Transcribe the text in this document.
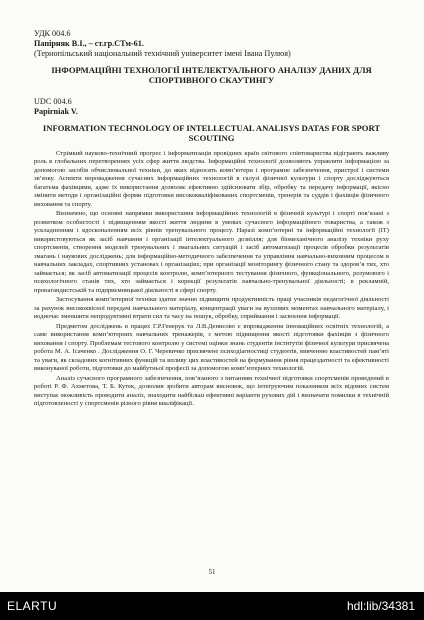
УДК 004.6
Папірняк В.І., – ст.гр.СТм-61.
(Тернопільський національний технічний університет імені Івана Пулюя)
ІНФОРМАЦІЙНІ ТЕХНОЛОГІЇ ІНТЕЛЕКТУАЛЬНОГО АНАЛІЗУ ДАНИХ ДЛЯ СПОРТИВНОГО СКАУТИНГУ
UDC 004.6
Papirniak V.
INFORMATION TECHNOLOGY OF INTELLECTUAL ANALISYS DATAS FOR SPORT SCOUTING

Стрімкий науково-технічний прогрес і інформатизація провідних країн світового співтовариства відіграють важливу роль в глобальних перетвореннях усіх сфер життя людства. Інформаційні технології дозволяють управляти інформацією за допомогою засобів обчислювальної техніки, до яких відносять комп’ютери і програмне забезпечення, пристрої і системи зв’язку. Аспекти впровадження сучасних інформаційних технологій в галузі фізичної культури і спорту досліджуються багатьма фахівцями, адже їх використання дозволяє ефективно здійснювати збір, обробку та передачу інформації, якісно змінити методи і організаційні форми підготовки висококваліфікованих спортсменів, тренерів та суддів і фахівців фізичного виховання та спорту.

Визначено, що основні напрямки використання інформаційних технологій в фізичній культурі і спорті пов’язані з розвитком особистості і підвищенням якості життя людини в умовах сучасного інформаційного товариства, а також з ускладненням і вдосконаленням всіх рівнів тренувального процесу. Наразі комп’ютерні та інформаційні технології (ІТ) використовуються як засіб навчання і організації інтелектуального дозвілля; для біомеханічного аналізу техніки руху спортсменів, створення моделей тренувальних і змагальних ситуацій і засіб автоматизації процесів обробки результатів змагань і наукових досліджень; для інформаційно-методичного забезпечення та управління навчально-виховним процесом в навчальних закладах, спортивних установах і організаціях; при організації моніторингу фізичного стану та здоров’я тих, хто займається; як засіб автоматизації процесів контролю, комп’ютерного тестування фізичного, функціонального, розумового і психологічного станів тих, хто займається і корекції результатів навчально-тренувальної діяльності; в рекламній, пропагандистській та підприємницької діяльності в сфері спорту.

Застосування комп’ютерної техніки здатне значно підвищити продуктивність праці учасників педагогічної діяльності за рахунок висококвісної передачі навчального матеріалу, концентрації уваги на вузлових моментах навчального матеріалу, і водночас зменшити непродуктивні втрати сил та часу на пошук, обробку, сприймання і засвоєння інформації.

Предметом досліджень в працях Г.Р.Генерук та Л.В.Денисово є впровадження інноваційних освітніх технологій, а саме використання комп’ютерних навчальних тренажерів, з метою підвищення якості підготовки фахівців з фізичного виховання і спорту. Проблемам тестового контролю у системі оцінки знань студентів інститутів фізичної культури присвячена робота М. А. Ісаченко . Дослідження О. Г. Черевичко присвячене психодіагностиці студентів, вивченню властивостей пам’яті та уваги, як складових когнітивних функцій та впливу цих властивостей на формування рівня працездатності та ефективності виконуваної роботи, підготовки до майбутньої професії за допомогою комп’ютерних технологій.

Аналіз сучасного програмного забезпечення, пов’язаного з питанням технічної підготовки спортсменів проведений в роботі Р. Ф. Ахметова, Т. Б. Кутек, дозволив зробити авторам висновок, що інтегруючим показником всіх відомих систем виступає можливість проводити аналіз, знаходити найбільш ефективні варіанти рухових дій і визначати помилки в технічній підготовленості у спортсменів різного рівня кваліфікації.

51
ELARTU	hdl:lib/34381
